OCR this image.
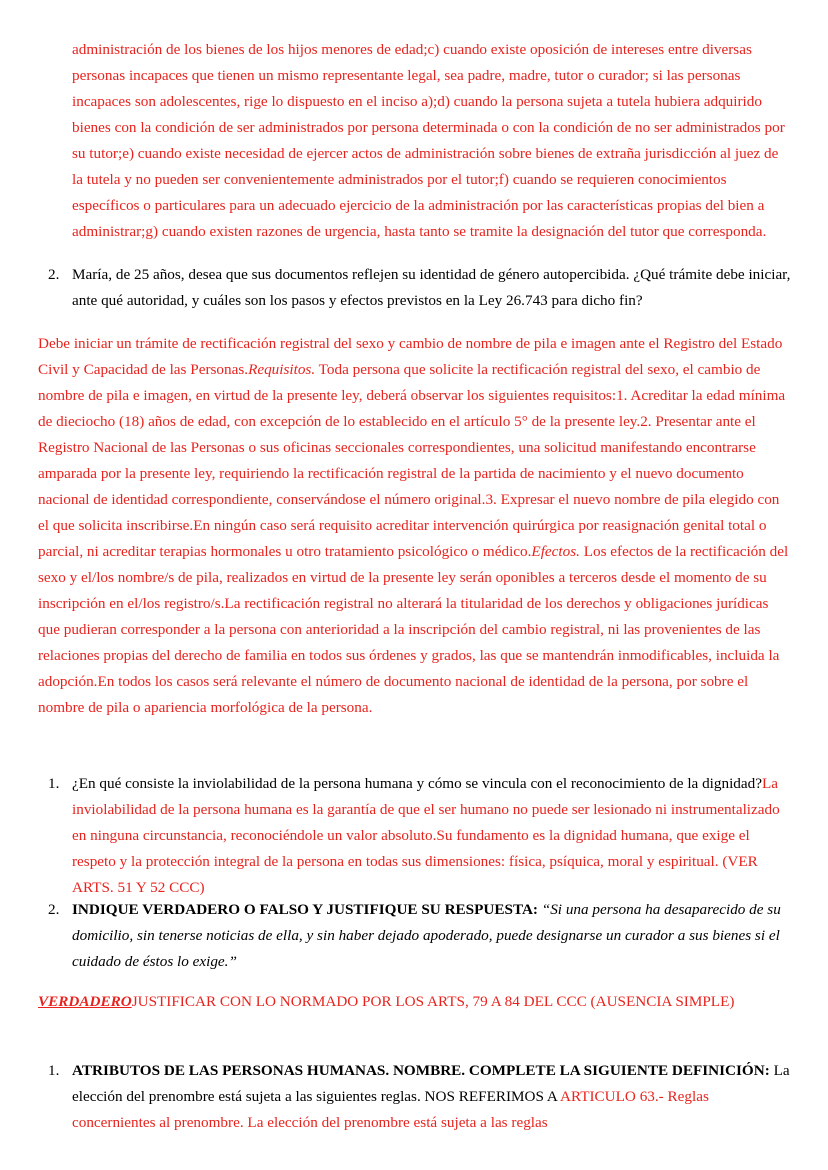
administración de los bienes de los hijos menores de edad;c) cuando existe oposición de intereses entre diversas personas incapaces que tienen un mismo representante legal, sea padre, madre, tutor o curador; si las personas incapaces son adolescentes, rige lo dispuesto en el inciso a);d) cuando la persona sujeta a tutela hubiera adquirido bienes con la condición de ser administrados por persona determinada o con la condición de no ser administrados por su tutor;e) cuando existe necesidad de ejercer actos de administración sobre bienes de extraña jurisdicción al juez de la tutela y no pueden ser convenientemente administrados por el tutor;f) cuando se requieren conocimientos específicos o particulares para un adecuado ejercicio de la administración por las características propias del bien a administrar;g) cuando existen razones de urgencia, hasta tanto se tramite la designación del tutor que corresponda.

2. María, de 25 años, desea que sus documentos reflejen su identidad de género autopercibida. ¿Qué trámite debe iniciar, ante qué autoridad, y cuáles son los pasos y efectos previstos en la Ley 26.743 para dicho fin?

Debe iniciar un trámite de rectificación registral del sexo y cambio de nombre de pila e imagen ante el Registro del Estado Civil y Capacidad de las Personas.Requisitos. Toda persona que solicite la rectificación registral del sexo, el cambio de nombre de pila e imagen, en virtud de la presente ley, deberá observar los siguientes requisitos:1. Acreditar la edad mínima de dieciocho (18) años de edad, con excepción de lo establecido en el artículo 5° de la presente ley.2. Presentar ante el Registro Nacional de las Personas o sus oficinas seccionales correspondientes, una solicitud manifestando encontrarse amparada por la presente ley, requiriendo la rectificación registral de la partida de nacimiento y el nuevo documento nacional de identidad correspondiente, conservándose el número original.3. Expresar el nuevo nombre de pila elegido con el que solicita inscribirse.En ningún caso será requisito acreditar intervención quirúrgica por reasignación genital total o parcial, ni acreditar terapias hormonales u otro tratamiento psicológico o médico.Efectos. Los efectos de la rectificación del sexo y el/los nombre/s de pila, realizados en virtud de la presente ley serán oponibles a terceros desde el momento de su inscripción en el/los registro/s.La rectificación registral no alterará la titularidad de los derechos y obligaciones jurídicas que pudieran corresponder a la persona con anterioridad a la inscripción del cambio registral, ni las provenientes de las relaciones propias del derecho de familia en todos sus órdenes y grados, las que se mantendrán inmodificables, incluida la adopción.En todos los casos será relevante el número de documento nacional de identidad de la persona, por sobre el nombre de pila o apariencia morfológica de la persona.

1. ¿En qué consiste la inviolabilidad de la persona humana y cómo se vincula con el reconocimiento de la dignidad?La inviolabilidad de la persona humana es la garantía de que el ser humano no puede ser lesionado ni instrumentalizado en ninguna circunstancia, reconociéndole un valor absoluto.Su fundamento es la dignidad humana, que exige el respeto y la protección integral de la persona en todas sus dimensiones: física, psíquica, moral y espiritual. (VER ARTS. 51 Y 52 CCC)
2. INDIQUE VERDADERO O FALSO Y JUSTIFIQUE SU RESPUESTA: “Si una persona ha desaparecido de su domicilio, sin tenerse noticias de ella, y sin haber dejado apoderado, puede designarse un curador a sus bienes si el cuidado de éstos lo exige.”

VERDADEROJUSTIFICAR CON LO NORMADO POR LOS ARTS, 79 A 84 DEL CCC (AUSENCIA SIMPLE)

1. ATRIBUTOS DE LAS PERSONAS HUMANAS. NOMBRE. COMPLETE LA SIGUIENTE DEFINICIÓN: La elección del prenombre está sujeta a las siguientes reglas. NOS REFERIMOS A ARTICULO 63.- Reglas concernientes al prenombre. La elección del prenombre está sujeta a las reglas
